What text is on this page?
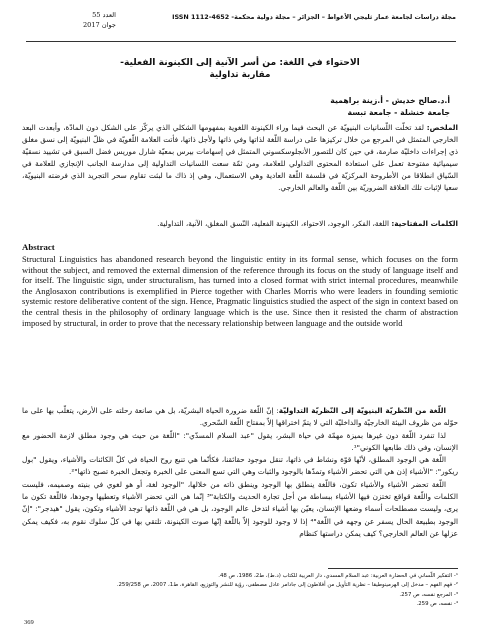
العدد 55
جوان 2017
مجلة دراسات لجامعة عمار ثليجي الأغواط – الجزائر – مجلة دولية محكمة- ISSN 1112-4652
الاحتواء في اللغة: من أسر الآنية إلى الكينونة الفعلية-
مقاربة تداولية
أ.د.صالح خديش - أ.زينة براهمية
جامعة خنشلة - جامعة تبسة
الملخص: لقد تخلّت اللّسانيات البنيويّة عن البحث فيما وراء الكينونة اللغوية بمفهومها الشكلي الذي يركّز على الشكل دون المادّة، وأبعدت البعد الخارجي المتمثل في المرجع من خلال تركيزها على دراسة اللّغة لذاتها وفي ذاتها ولأجل ذاتها، فأتت العلامة اللّغويّة في ظلّ البنيويّة إلى نسق مغلق ذي إجراءات داخليّة صارمة، في حين كان للتصور الأنجلوسكسوني المتمثل في إسهامات بيرس بمعيّة شارل موريس فضل السبق في تشييد نسقيّة سيميائية مفتوحة تعمل على استعادة المحتوى التداولي للعلامة، ومن ثمّة سعت اللسانيات التداولية إلى مدارسة الجانب الإنجازي للعلامة في السّياق انطلاقا من الأطروحة المركزيّة في فلسفة اللّغة العادية وهي الاستعمال، وهي إذ ذاك ما لبثت تقاوم سحر التجريد الذي فرضته البنيويّة، سعيا لإثبات تلك العلاقة الضروريّة بين اللّغة والعالم الخارجي.
الكلمات المفتاحية: اللغة، الفكر، الوجود، الاحتواء، الكينونة الفعلية، النّسق المغلق، الآنية، التداولية.
Abstract
Structural Linguistics has abandoned research beyond the linguistic entity in its formal sense, which focuses on the form without the subject, and removed the external dimension of the reference through its focus on the study of language itself and for itself. The linguistic sign, under structuralism, has turned into a closed format with strict internal procedures, meanwhile the Anglosaxon contributions is exemplified in Pierce together with Charles Morris who were leaders in founding semiotic systemic restore deliberative content of the sign. Hence, Pragmatic linguistics studied the aspect of the sign in context based on the central thesis in the philosophy of ordinary language which is the use. Since then it resisted the charm of abstraction imposed by structural, in order to prove that the necessary relationship between language and the outside world

اللّغة من النّظريّة البنيويّة إلى النّظريّة التداوليّة: إنّ اللّغة ضرورة الحياة البشريّة، بل هي صانعة رحلته على الأرض، يتغلّب بها على ما حوّله من ظروف البيئة الخارجيّة والداخليّة التي لا يتمّ اختراقها إلاّ بمفتاح اللّغة السّحري.

لذا تنفرد اللّغة دون غيرها بميزة مهمّة في حياة البشر، يقول "عبد السلام المسدّي": "اللّغة من حيث هي وجود مطلق لازمة الحضور مع الإنسان، وفي ذلك طابعها الكوني"¹.

اللّغة هي الوجود المطلق، لأنّها قوّة ونشاط في ذاتها، تنقل موجود حقائقنا، فكأنّما هي تنبع روح الحياة في كلّ الكائنات والأشياء، ويقول "بول ريكور": "الأشياء إذن هي التي تحضر الأشياء وتمدّها بالوجود والثبات وهي التي تسع المعنى على الخبرة وتجعل الخبرة تصبح ذاتها"².

اللّغة تحضر الأشياء والأشياء تكون، فاللّغة ينطلق بها الوجود وينطق ذاته من خلالها، "الوجود لغة، أو هو لغوي في بنيته وصميمه، فليست الكلمات واللّغة قواقع تختزن فيها الأشياء ببساطة من أجل تجارة الحديث والكتابة"³ إنّما هي التي تحضر الأشياء وتعطيها وجودها، فاللّغة تكون ما يرى، وليست مصطلحات أسماء وضعها الإنسان، يعيّن بها أشياء لتدخل عالم الوجود، بل هي في اللّغة ذاتها توجد الأشياء وتكون، يقول "هيدجر": "إنّ الوجود بطبيعة الحال يسفر عن وجهه في اللّغة"⁴ إذا لا وجود للوجود إلاّ باللّغة إنّها صوت الكينونة، تلتقي بها في كلّ سلوك نقوم به، فكيف يمكن عزلها عن العالم الخارجي؟ كيف يمكن دراستها كنظام

¹- التفكير اللّساني في الحضارة العربية: عبد السلام المسدي، دار العربية للكتاب (د.ط)، ط2، 1986، ص 48.
²- فهم الفهم – مدخل إلى الهرمينوطيقا – نظرية التأويل من أفلاطون إلى جادامر عادل مصطفى، رؤية للنشر والتوزيع، القاهرة، ط1، 2007، ص 259/258.
³- المرجع نفسه، ص 257.
⁴- نفسه، ص 259.
369
